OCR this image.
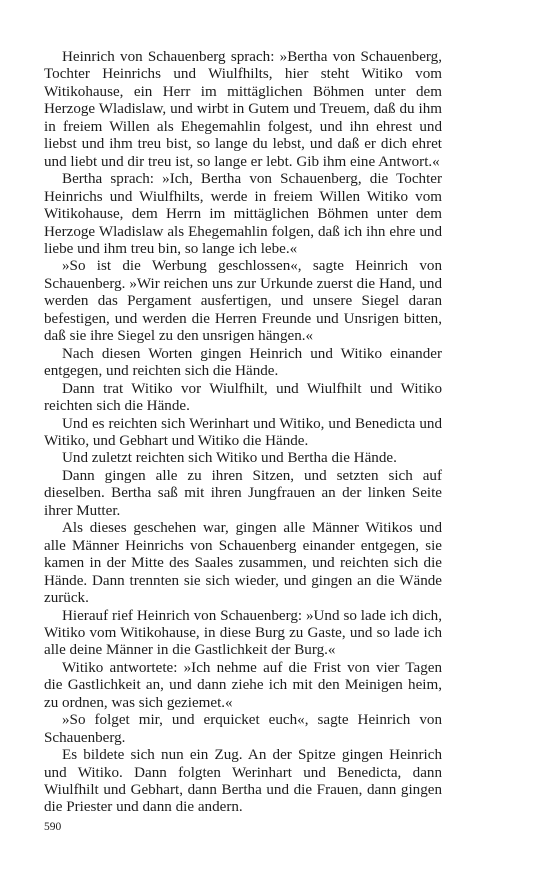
Heinrich von Schauenberg sprach: »Bertha von Schauenberg, Tochter Heinrichs und Wiulfhilts, hier steht Witiko vom Witikohause, ein Herr im mittäglichen Böhmen unter dem Herzoge Wladislaw, und wirbt in Gutem und Treuem, daß du ihm in freiem Willen als Ehegemahlin folgest, und ihn ehrest und liebst und ihm treu bist, so lange du lebst, und daß er dich ehret und liebt und dir treu ist, so lange er lebt. Gib ihm eine Antwort.«

Bertha sprach: »Ich, Bertha von Schauenberg, die Tochter Heinrichs und Wiulfhilts, werde in freiem Willen Witiko vom Witikohause, dem Herrn im mittäglichen Böhmen unter dem Herzoge Wladislaw als Ehegemahlin folgen, daß ich ihn ehre und liebe und ihm treu bin, so lange ich lebe.«

»So ist die Werbung geschlossen«, sagte Heinrich von Schauenberg. »Wir reichen uns zur Urkunde zuerst die Hand, und werden das Pergament ausfertigen, und unsere Siegel daran befestigen, und werden die Herren Freunde und Unsrigen bitten, daß sie ihre Siegel zu den unsrigen hängen.«

Nach diesen Worten gingen Heinrich und Witiko einander entgegen, und reichten sich die Hände.

Dann trat Witiko vor Wiulfhilt, und Wiulfhilt und Witiko reichten sich die Hände.

Und es reichten sich Werinhart und Witiko, und Benedicta und Witiko, und Gebhart und Witiko die Hände.

Und zuletzt reichten sich Witiko und Bertha die Hände.

Dann gingen alle zu ihren Sitzen, und setzten sich auf dieselben. Bertha saß mit ihren Jungfrauen an der linken Seite ihrer Mutter.

Als dieses geschehen war, gingen alle Männer Witikos und alle Männer Heinrichs von Schauenberg einander entgegen, sie kamen in der Mitte des Saales zusammen, und reichten sich die Hände. Dann trennten sie sich wieder, und gingen an die Wände zurück.

Hierauf rief Heinrich von Schauenberg: »Und so lade ich dich, Witiko vom Witikohause, in diese Burg zu Gaste, und so lade ich alle deine Männer in die Gastlichkeit der Burg.«

Witiko antwortete: »Ich nehme auf die Frist von vier Tagen die Gastlichkeit an, und dann ziehe ich mit den Meinigen heim, zu ordnen, was sich geziemet.«

»So folget mir, und erquicket euch«, sagte Heinrich von Schauenberg.

Es bildete sich nun ein Zug. An der Spitze gingen Heinrich und Witiko. Dann folgten Werinhart und Benedicta, dann Wiulfhilt und Gebhart, dann Bertha und die Frauen, dann gingen die Priester und dann die andern.

590
